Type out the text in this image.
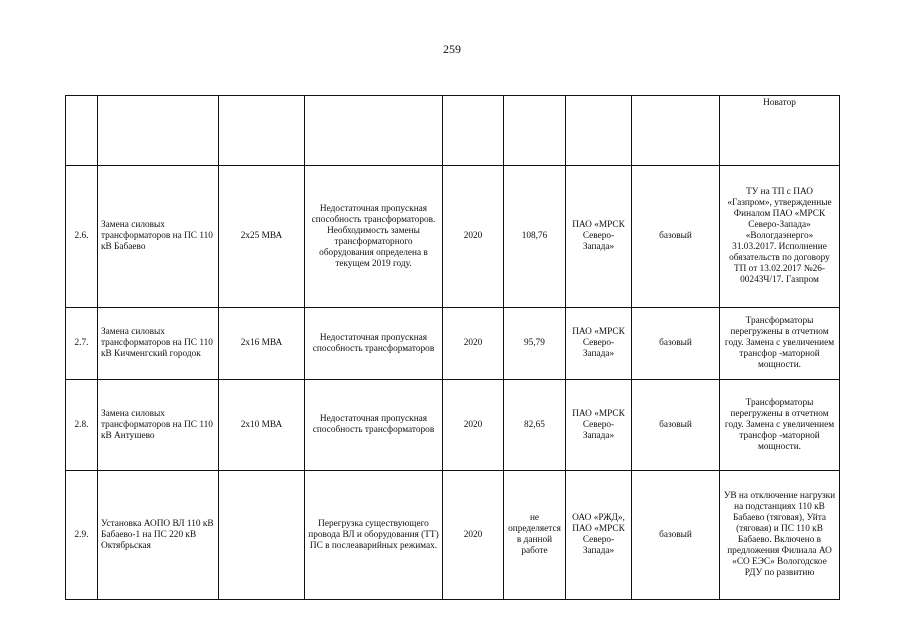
259
								Новатор
2.6.	Замена силовых трансформаторов на ПС 110 кВ Бабаево	2х25 МВА	Недостаточная пропускная способность трансформаторов. Необходимость замены трансформаторного оборудования определена в текущем 2019 году.	2020	108,76	ПАО «МРСК Северо-Запада»	базовый	ТУ на ТП с ПАО «Газпром», утвержденные Финалом ПАО «МРСК Северо-Запада» «Вологдаэнерго» 31.03.2017. Исполнение обязательств по договору ТП от 13.02.2017 №26-00243Ч/17. Газпром
2.7.	Замена силовых трансформаторов на ПС 110 кВ Кичменгский городок	2х16 МВА	Недостаточная пропускная способность трансформаторов	2020	95,79	ПАО «МРСК Северо-Запада»	базовый	Трансформаторы перегружены в отчетном году. Замена с увеличением трансфор -маторной мощности.
2.8.	Замена силовых трансформаторов на ПС 110 кВ Антушево	2х10 МВА	Недостаточная пропускная способность трансформаторов	2020	82,65	ПАО «МРСК Северо-Запада»	базовый	Трансформаторы перегружены в отчетном году. Замена с увеличением трансфор -маторной мощности.
2.9.	Установка АОПО ВЛ 110 кВ Бабаево-1 на ПС 220 кВ Октябрьская		Перегрузка существующего провода ВЛ и оборудования (ТТ) ПС в послеаварийных режимах.	2020	не определяется в данной работе	ОАО «РЖД», ПАО «МРСК Северо-Запада»	базовый	УВ на отключение нагрузки на подстанциях 110 кВ Бабаево (тяговая), Уйта (тяговая) и ПС 110 кВ Бабаево. Включено в предложения Филиала АО «СО ЕЭС» Вологодское РДУ по развитию
